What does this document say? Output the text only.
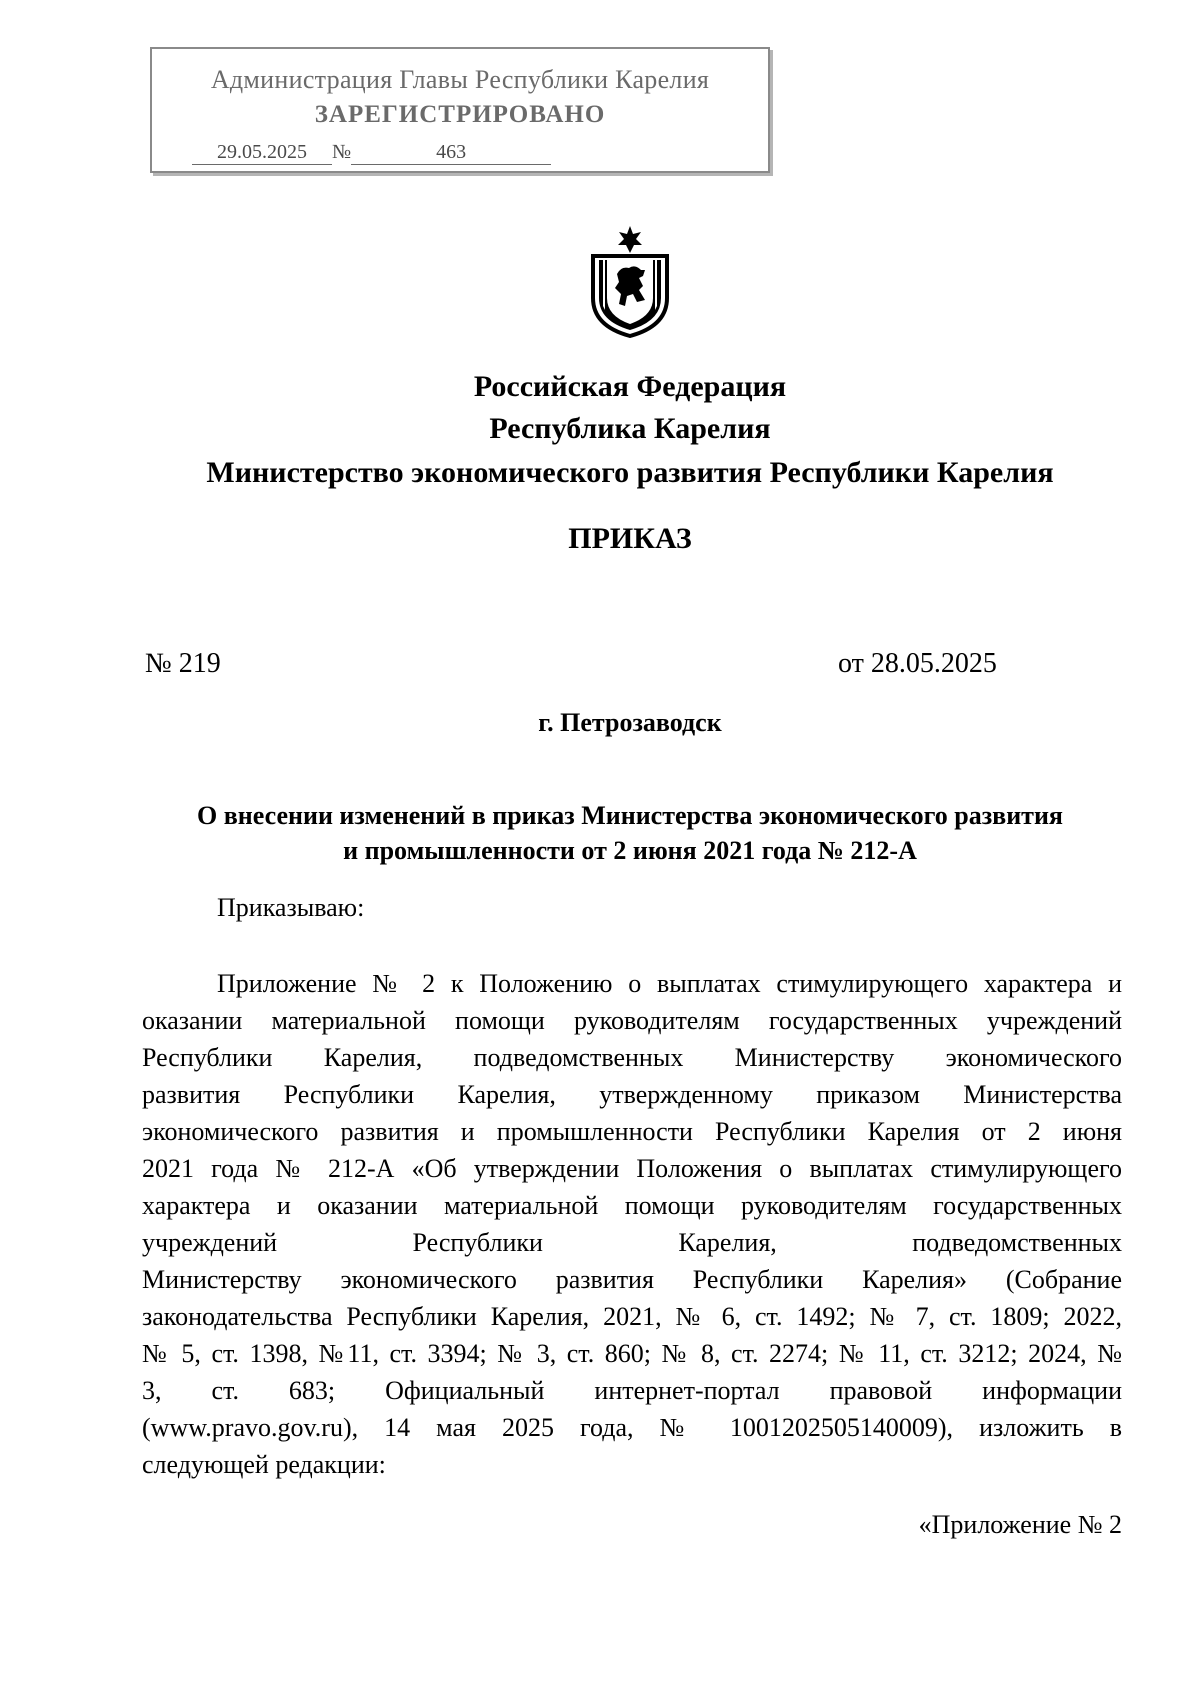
Администрация Главы Республики Карелия
ЗАРЕГИСТРИРОВАНО
29.05.2025 №	463
Российская Федерация
Республика Карелия
Министерство экономического развития Республики Карелия
ПРИКАЗ
№ 219	от 28.05.2025
г. Петрозаводск
О внесении изменений в приказ Министерства экономического развития
и промышленности от 2 июня 2021 года № 212-А
Приказываю:
Приложение № 2 к Положению о выплатах стимулирующего характера и
оказании материальной помощи руководителям государственных учреждений
Республики Карелия, подведомственных Министерству экономического
развития Республики Карелия, утвержденному приказом Министерства
экономического развития и промышленности Республики Карелия от 2 июня
2021 года № 212-А «Об утверждении Положения о выплатах стимулирующего
характера и оказании материальной помощи руководителям государственных
учреждений Республики Карелия, подведомственных
Министерству экономического развития Республики Карелия» (Собрание
законодательства Республики Карелия, 2021, № 6, ст. 1492; № 7, ст. 1809; 2022,
№ 5, ст. 1398, №11, ст. 3394; № 3, ст. 860; № 8, ст. 2274; № 11, ст. 3212; 2024, №
3, ст. 683; Официальный интернет-портал правовой информации
(www.pravo.gov.ru), 14 мая 2025 года, № 1001202505140009), изложить в
следующей редакции:
«Приложение № 2
